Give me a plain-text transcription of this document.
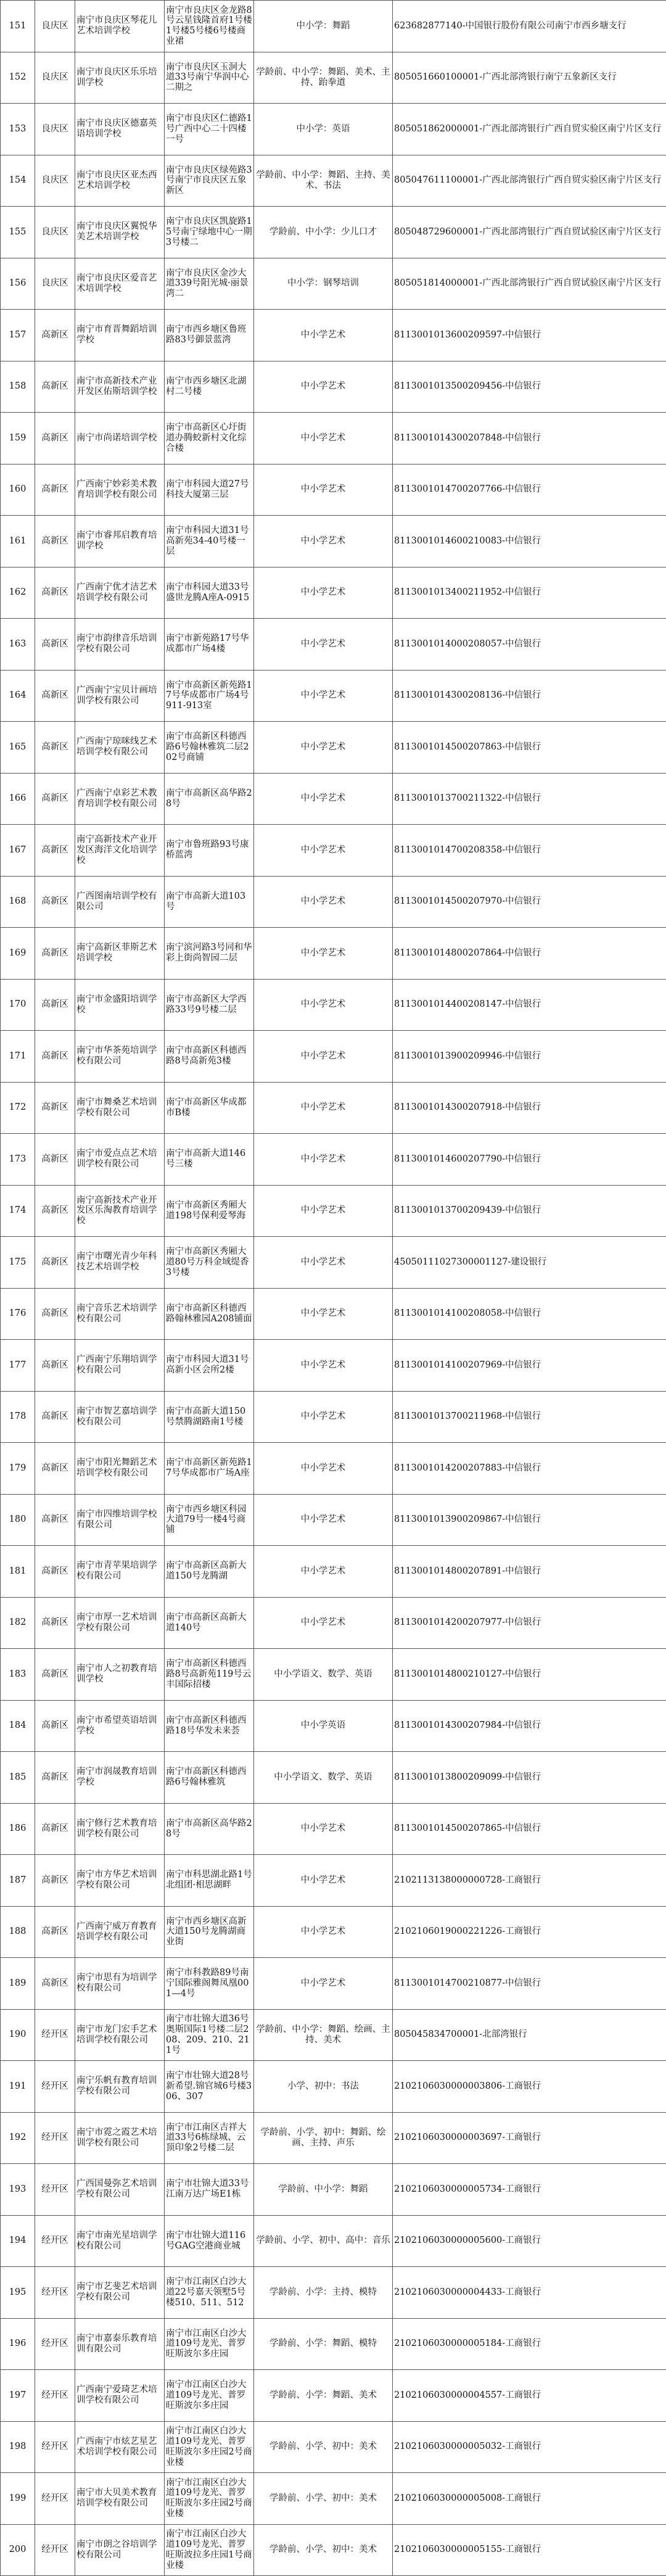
151	良庆区	南宁市良庆区琴花儿艺术培训学校	南宁市良庆区金龙路8号云星钱隆首府1号楼1号楼5号楼6号楼商业裙	中小学：舞蹈	623682877140-中国银行股份有限公司南宁市西乡塘支行
152	良庆区	南宁市良庆区乐乐培训学校	南宁市良庆区玉洞大道33号南宁华润中心二期之	学龄前、中小学：舞蹈、美术、主持、跆拳道	805051660100001-广西北部湾银行南宁五象新区支行
153	良庆区	南宁市良庆区德嘉英语培训学校	南宁市良庆区仁德路1号广西中心二十四楼一号	中小学：英语	805051862000001-广西北部湾银行广西自贸实验区南宁片区支行
154	良庆区	南宁市良庆区亚杰西艺术培训学校	南宁市良庆区绿苑路3号南宁市良庆区五象新区	学龄前、中小学：舞蹈、主持、美术、书法	805047611100001-广西北部湾银行广西自贸实验区南宁片区支行
155	良庆区	南宁市良庆区翼悦华美艺术培训学校	南宁市良庆区凯旋路15号南宁绿地中心一期3号楼二	学龄前、中小学：少儿口才	805048729600001-广西北部湾银行广西自贸试验区南宁片区支行
156	良庆区	南宁市良庆区爱音艺术培训学校	南宁市良庆区金沙大道339号阳光城·丽景湾二	中小学：钢琴培训	805051814000001-广西北部湾银行广西自贸试验区南宁片区支行
157	高新区	南宁市育晋舞蹈培训学校	南宁市西乡塘区鲁班路83号御景蓝湾	中小学艺术	8113001013600209597-中信银行
158	高新区	南宁市高新技术产业开发区佑斯培训学校	南宁市西乡塘区北湖村二号楼	中小学艺术	8113001013500209456-中信银行
159	高新区	南宁市尚诺培训学校	南宁市高新区心圩街道办腾蛟新村文化综合楼	中小学艺术	8113001014300207848-中信银行
160	高新区	广西南宁妙彩美术教育培训学校有限公司	南宁市科园大道27号科技大厦第三层	中小学艺术	8113001014700207766-中信银行
161	高新区	南宁市睿邦启教育培训学校	南宁市科园大道31号高新苑34-40号楼一层	中小学艺术	8113001014600210083-中信银行
162	高新区	广西南宁优才洁艺术培训学校有限公司	南宁市科园大道33号盛世龙腾A座A-0915	中小学艺术	8113001013400211952-中信银行
163	高新区	南宁市韵律音乐培训学校有限公司	南宁市新苑路17号华成都市广场4楼	中小学艺术	8113001014000208057-中信银行
164	高新区	广西南宁宝贝计画培训学校有限公司	南宁市高新区新苑路17号华成都市广场4号911-913室	中小学艺术	8113001014300208136-中信银行
165	高新区	广西南宁琼咪线艺术培训学校有限公司	南宁市高新区科德西路6号翰林雅筑二层202号商铺	中小学艺术	8113001014500207863-中信银行
166	高新区	广西南宁卓彩艺术教育培训学校有限公司	南宁市高新区高华路28号	中小学艺术	8113001013700211322-中信银行
167	高新区	南宁高新技术产业开发区海洋文化培训学校	南宁市鲁班路93号康桥蓝湾	中小学艺术	8113001014700208358-中信银行
168	高新区	广西图南培训学校有限公司	南宁市高新大道103号	中小学艺术	8113001014500207970-中信银行
169	高新区	南宁高新区菲斯艺术培训学校	南宁滨河路3号同和华彩上街尚智园二层	中小学艺术	8113001014800207864-中信银行
170	高新区	南宁市金盛阳培训学校	南宁市高新区大学西路33号9号楼二层	中小学艺术	8113001014400208147-中信银行
171	高新区	南宁市华茶苑培训学校有限公司	南宁市高新区科德西路8号高新苑3楼	中小学艺术	8113001013900209946-中信银行
172	高新区	南宁市舞桑艺术培训学校有限公司	南宁市高新区华成都市B楼	中小学艺术	8113001014300207918-中信银行
173	高新区	南宁市爱点点艺术培训学校有限公司	南宁市高新大道146号三楼	中小学艺术	8113001014600207790-中信银行
174	高新区	南宁高新技术产业开发区乐淘教育培训学校	南宁市高新区秀厢大道198号保利爱琴海	中小学艺术	8113001013700209439-中信银行
175	高新区	南宁市曙光青少年科技艺术培训学校	南宁市高新区秀厢大道80号万科金域缇香3号楼	中小学艺术	45050111027300001127-建设银行
176	高新区	南宁音乐艺术培训学校有限公司	南宁市高新区科德西路翰林雅园A208铺面	中小学艺术	8113001014100208058-中信银行
177	高新区	广西南宁乐翔培训学校有限公司	南宁市科园大道31号高新小区会所2楼	中小学艺术	8113001014100207969-中信银行
178	高新区	南宁市智艺嘉培训学校有限公司	南宁市高新大道150号禁腾湖路南1号楼	中小学艺术	8113001013700211968-中信银行
179	高新区	南宁市阳光舞蹈艺术培训学校有限公司	南宁市高新区新苑路17号华成都市广场A座	中小学艺术	8113001014200207883-中信银行
180	高新区	南宁市四维培训学校有限公司	南宁市西乡塘区科园大道79号一楼4号商铺	中小学艺术	8113001013900209867-中信银行
181	高新区	南宁市青苹果培训学校有限公司	南宁市高新区高新大道150号龙腾湖	中小学艺术	8113001014800207891-中信银行
182	高新区	南宁市厚一艺术培训学校有限公司	南宁市高新区高新大道140号	中小学艺术	8113001014200207977-中信银行
183	高新区	南宁市人之初教育培训学校	南宁市高新区科德西路8号高新苑119号云丰国际招楼	中小学语文、数学、英语	8113001014800210127-中信银行
184	高新区	南宁市希望英语培训学校	南宁市高新区科德西路18号华发未来荟	中小学英语	8113001014300207984-中信银行
185	高新区	南宁市润晟教育培训学校	南宁市高新区科德西路6号翰林雅筑	中小学语文、数学、英语	8113001013800209099-中信银行
186	高新区	南宁修行艺术教育培训学校有限公司	南宁市高新区高华路28号	中小学艺术	8113001014500207865-中信银行
187	高新区	南宁市方华艺术培训学校有限公司	南宁市科思湖北路1号北组团·相思湖畔	中小学艺术	2102113138000000728-工商银行
188	高新区	广西南宁威万育教育培训学校有限公司	南宁市西乡塘区高新大道150号龙腾湖商业街	中小学艺术	2102106019000221226-工商银行
189	高新区	南宁市思有为培训学校有限公司	南宁市科教路89号南宁国际雅阁舞凤凰001—4号	中小学艺术	8113001014700210877-中信银行
190	经开区	南宁市龙门宏手艺术培训学校有限公司	南宁市壮锦大道36号奥斯国际1号楼二层208、209、210、211号	学龄前、中小学：舞蹈、绘画、主持、美术	805045834700001-北部湾银行
191	经开区	南宁乐帆有教育培训学校有限公司	南宁市壮锦大道28号新希望.锦官城6号楼306、307	小学、初中：书法	2102106030000003806-工商银行
192	经开区	南宁市霓之霞艺术培训学校有限公司	南宁市江南区吉祥大道33号6栋绿城、云顶印象2号楼二层	学龄前、小学、初中：舞蹈、绘画、主持、声乐	2102106030000003697-工商银行
193	经开区	广西国曼弥艺术培训学校有限公司	南宁市壮锦大道33号江南万达广场E1栋	学龄前、中小学：舞蹈	2102106030000005734-工商银行
194	经开区	南宁市南光星培训学校有限公司	南宁市壮锦大道116号GAG空港商业城	学龄前、小学、初中、高中：音乐	2102106030000005600-工商银行
195	经开区	南宁市艺斐艺术培训学校有限公司	南宁市江南区白沙大道22号嘉天领墅5号楼510、511、512	学龄前、小学：主持、模特	2102106030000004433-工商银行
196	经开区	南宁市嘉泰乐教育培训有限公司	南宁市江南区白沙大道109号龙光、普罗旺斯波尔多庄园	学龄前、小学：舞蹈、模特	2102106030000005184-工商银行
197	经开区	广西南宁爱琦艺术培训学校有限公司	南宁市江南区白沙大道109号龙光、普罗旺斯波尔多庄园	学龄前、小学：舞蹈、美术	2102106030000004557-工商银行
198	经开区	广西南宁市炫艺星艺术培训学校有限公司	南宁市江南区白沙大道109号龙光、普罗旺斯波尔多庄园2号商业楼	学龄前、小学、初中：美术	2102106030000005032-工商银行
199	经开区	南宁市大贝美术教育培训学校有限公司	南宁市江南区白沙大道109号龙光、普罗旺斯波尔多庄园2号商业楼	学龄前、小学、初中：美术	2102106030000005008-工商银行
200	经开区	南宁市朗之谷培训学校有限公司	南宁市江南区白沙大道109号龙光、普罗旺斯波拉多庄园1号商业楼	学龄前、小学、初中：美术	2102106030000005155-工商银行
